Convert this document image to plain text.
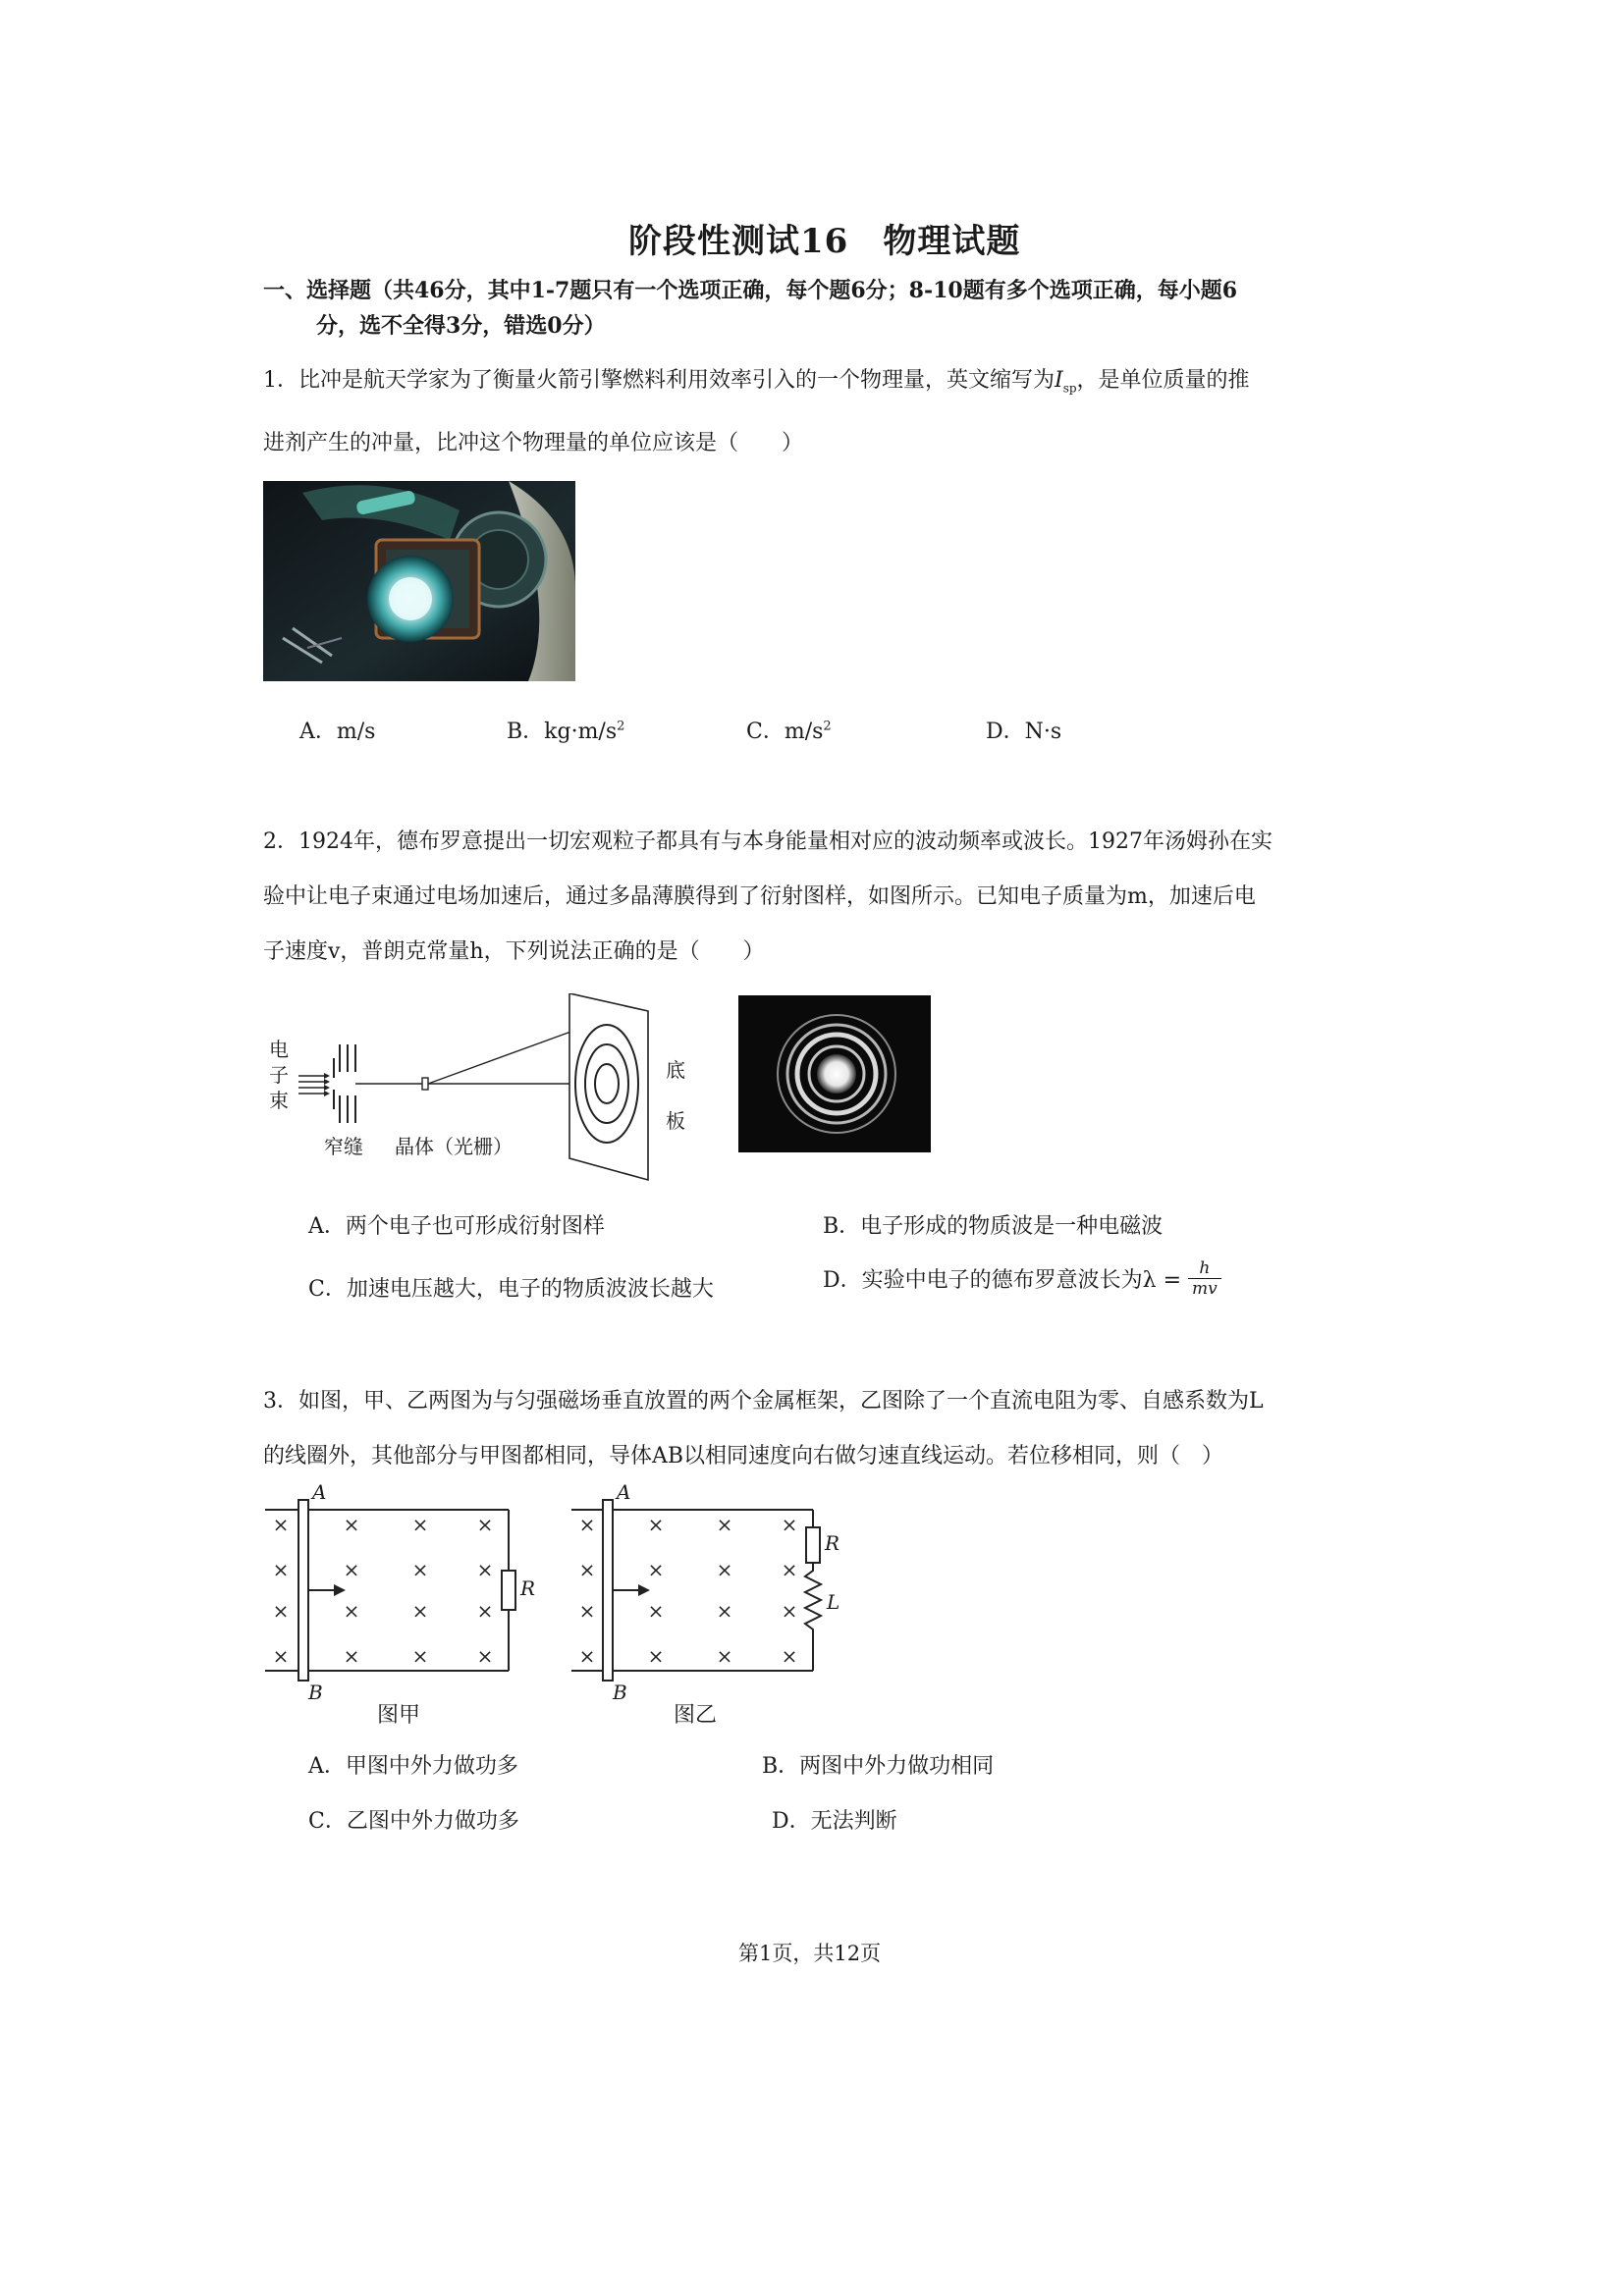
阶段性测试16　物理试题
一、选择题（共46分，其中1-7题只有一个选项正确，每个题6分；8-10题有多个选项正确，每小题6
分，选不全得3分，错选0分）
1．比冲是航天学家为了衡量火箭引擎燃料利用效率引入的一个物理量，英文缩写为$I_{sp}$，是单位质量的推
进剂产生的冲量，比冲这个物理量的单位应该是（　　）
A．m/s	B．$kg\cdot m/s^2$	C．$m/s^2$	D．N·s
2．1924年，德布罗意提出一切宏观粒子都具有与本身能量相对应的波动频率或波长。1927年汤姆孙在实
验中让电子束通过电场加速后，通过多晶薄膜得到了衍射图样，如图所示。已知电子质量为m，加速后电
子速度v，普朗克常量h，下列说法正确的是（　　）
电
子
束
窄缝 晶体（光栅）
底
板
A．两个电子也可形成衍射图样	B．电子形成的物质波是一种电磁波
C．加速电压越大，电子的物质波波长越大	D．实验中电子的德布罗意波长为$\lambda = \frac{h}{mv}$
3．如图，甲、乙两图为与匀强磁场垂直放置的两个金属框架，乙图除了一个直流电阻为零、自感系数为L
的线圈外，其他部分与甲图都相同，导体AB以相同速度向右做匀速直线运动。若位移相同，则（　）
×	×	× ×
×	×	× ×
×	×	× ×
×	×	× ×
×	×	× ×
×	×	× ×
×	×	× ×
×	×	× ×
A
B
R
A
B
R
L
图甲	图乙
A．甲图中外力做功多	B．两图中外力做功相同
C．乙图中外力做功多	D．无法判断
第1页，共12页
